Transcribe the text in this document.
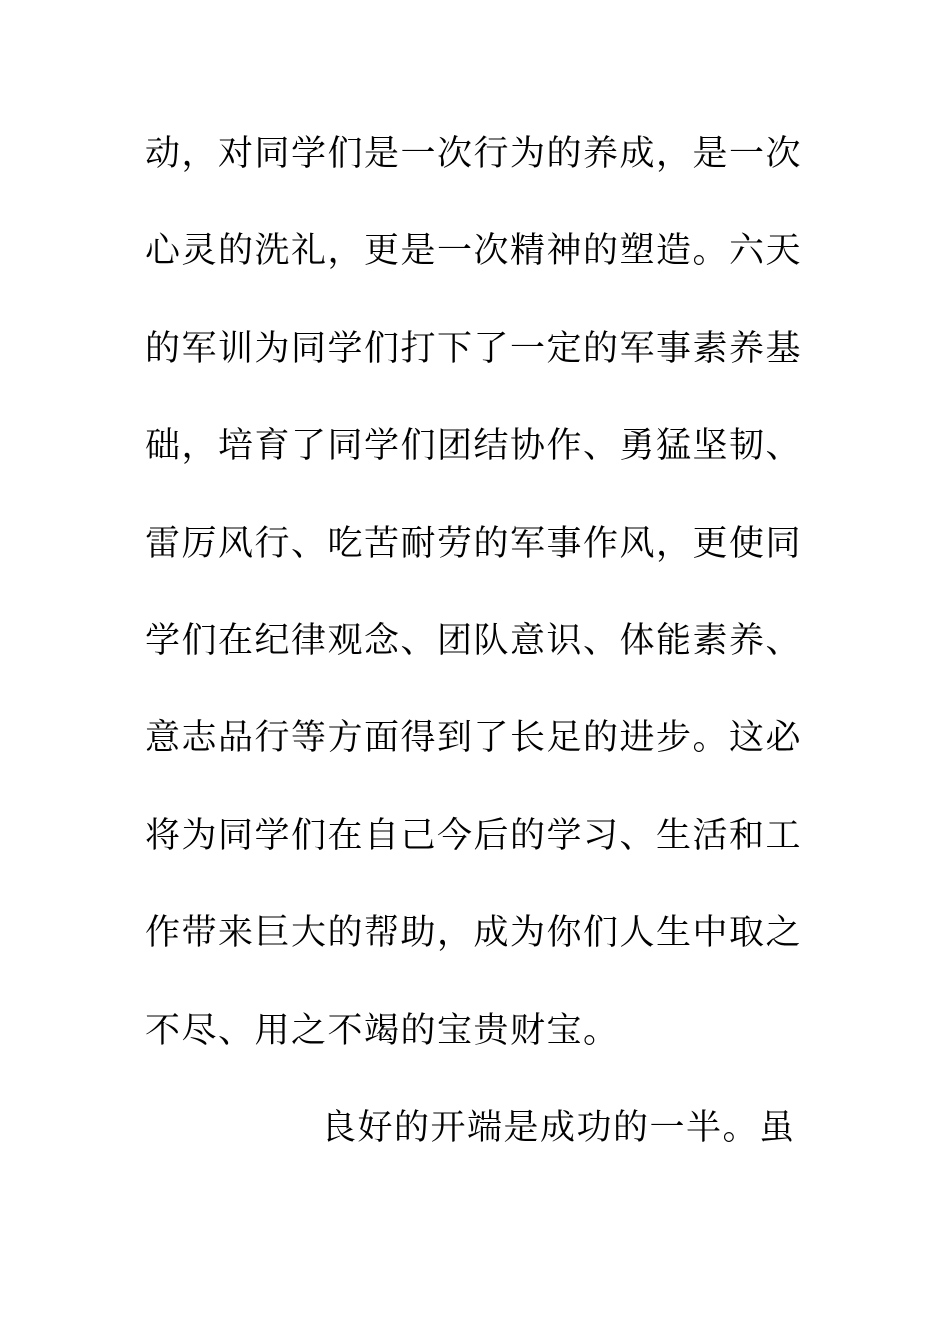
动，对同学们是一次行为的养成，是一次
心灵的洗礼，更是一次精神的塑造。六天
的军训为同学们打下了一定的军事素养基
础，培育了同学们团结协作、勇猛坚韧、
雷厉风行、吃苦耐劳的军事作风，更使同
学们在纪律观念、团队意识、体能素养、
意志品行等方面得到了长足的进步。这必
将为同学们在自己今后的学习、生活和工
作带来巨大的帮助，成为你们人生中取之
不尽、用之不竭的宝贵财宝。
良好的开端是成功的一半。虽
